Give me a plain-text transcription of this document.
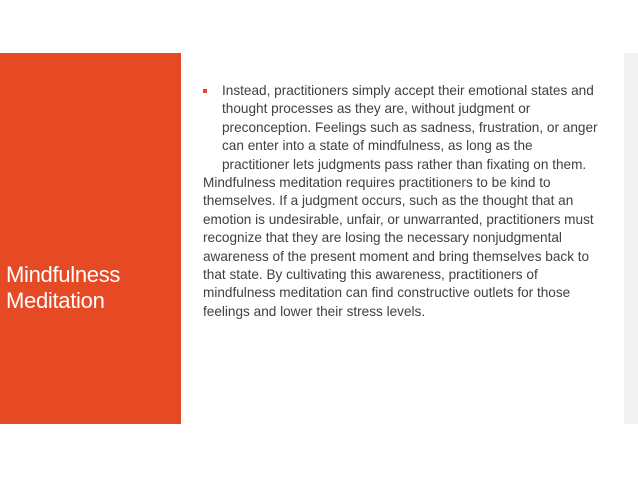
Mindfulness
Meditation

Instead, practitioners simply accept their emotional states and thought processes as they are, without judgment or preconception. Feelings such as sadness, frustration, or anger can enter into a state of mindfulness, as long as the practitioner lets judgments pass rather than fixating on them.

Mindfulness meditation requires practitioners to be kind to themselves. If a judgment occurs, such as the thought that an emotion is undesirable, unfair, or unwarranted, practitioners must recognize that they are losing the necessary nonjudgmental awareness of the present moment and bring themselves back to that state. By cultivating this awareness, practitioners of mindfulness meditation can find constructive outlets for those feelings and lower their stress levels.
